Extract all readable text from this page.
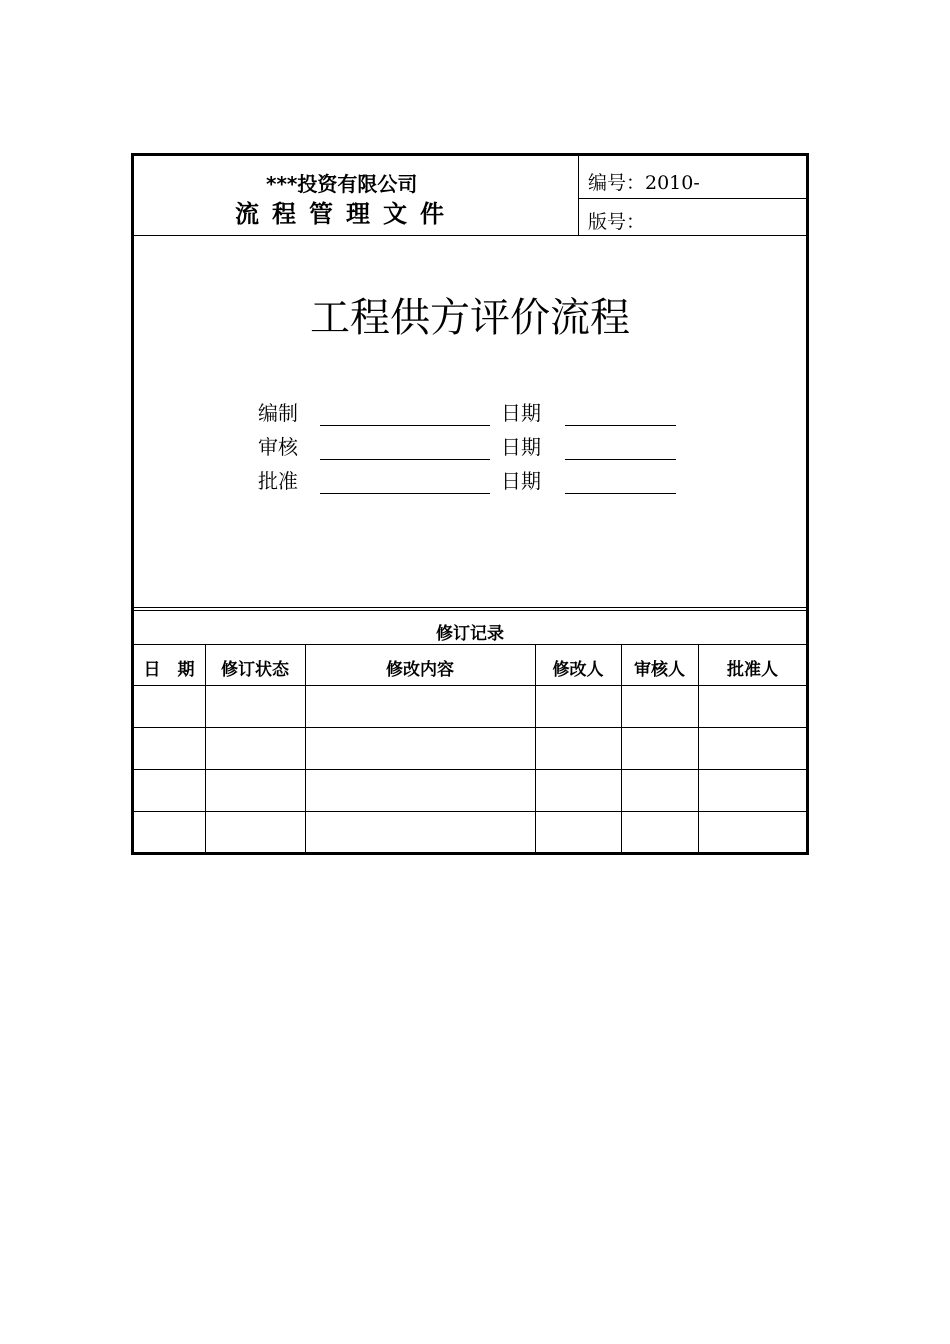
***投资有限公司
流程管理文件
编号：2010-
版号：
工程供方评价流程
编制	日期
审核	日期
批准	日期
修订记录
日　期	修订状态	修改内容	修改人	审核人	批准人
